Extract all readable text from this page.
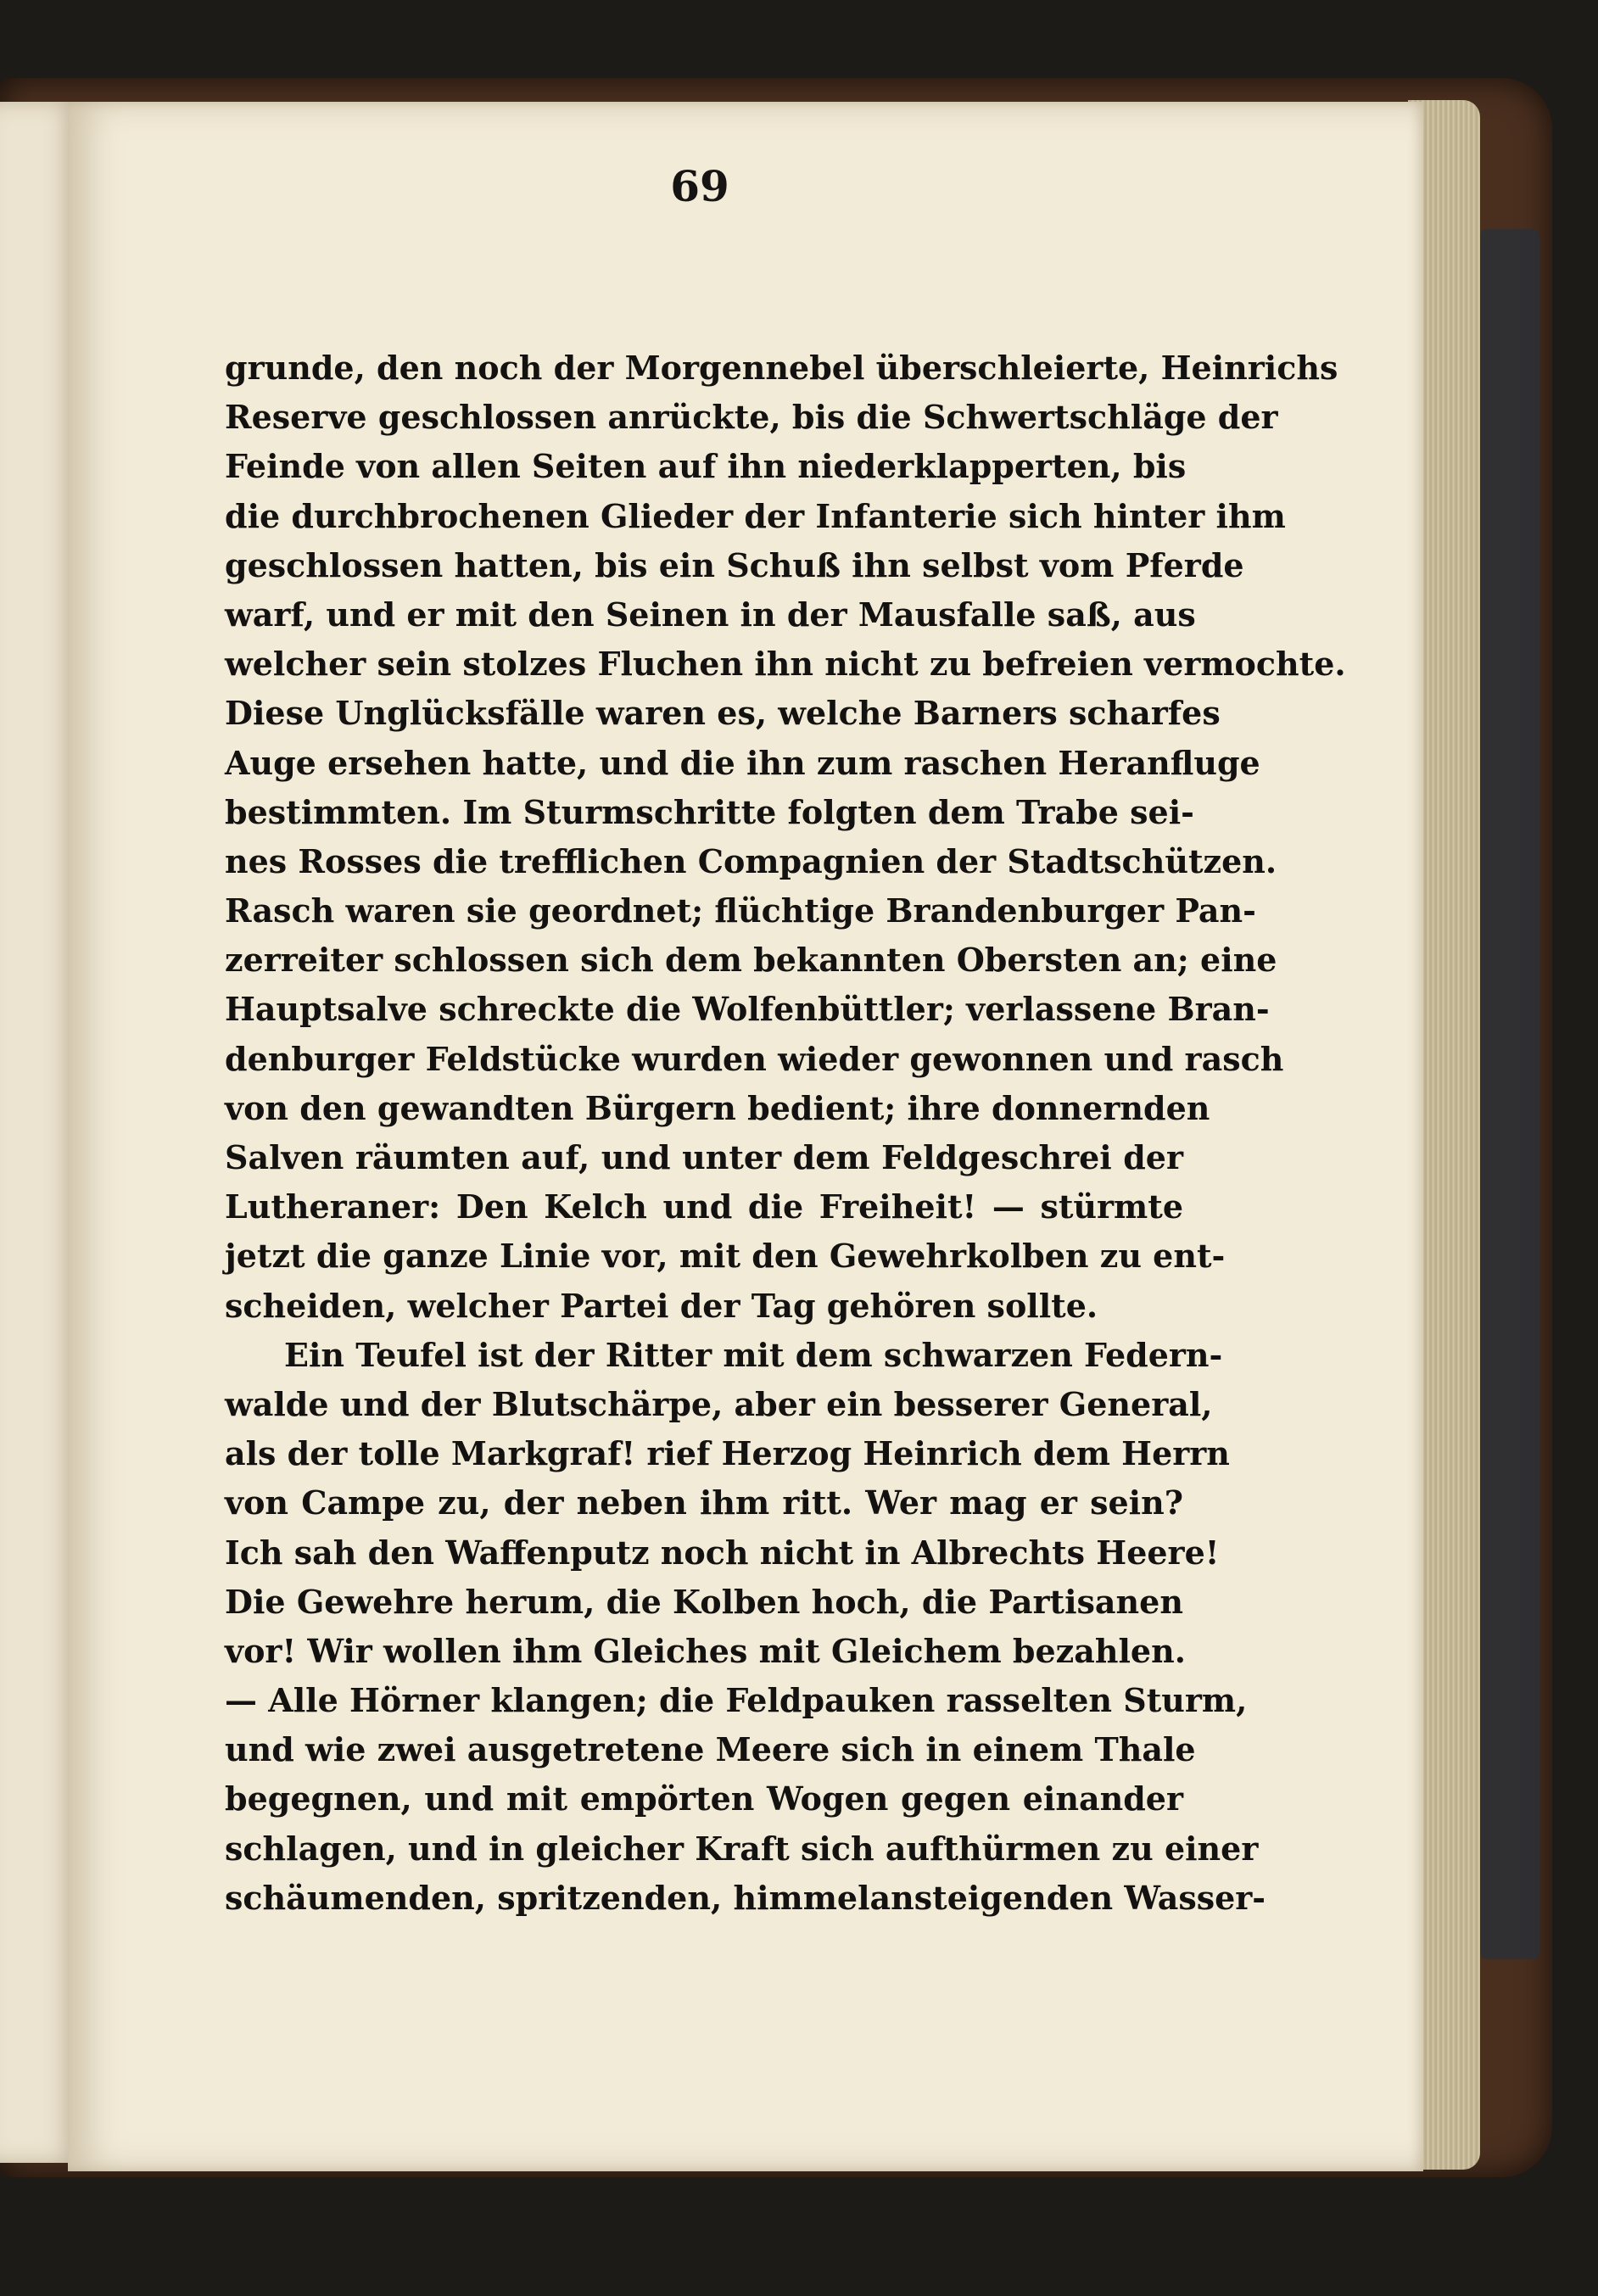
69
grunde, den noch der Morgennebel überschleierte, Heinrichs
Reserve geschlossen anrückte, bis die Schwertschläge der
Feinde von allen Seiten auf ihn niederklapperten, bis
die durchbrochenen Glieder der Infanterie sich hinter ihm
geschlossen hatten, bis ein Schuß ihn selbst vom Pferde
warf, und er mit den Seinen in der Mausfalle saß, aus
welcher sein stolzes Fluchen ihn nicht zu befreien vermochte.
Diese Unglücksfälle waren es, welche Barners scharfes
Auge ersehen hatte, und die ihn zum raschen Heranfluge
bestimmten. Im Sturmschritte folgten dem Trabe sei-
nes Rosses die trefflichen Compagnien der Stadtschützen.
Rasch waren sie geordnet; flüchtige Brandenburger Pan-
zerreiter schlossen sich dem bekannten Obersten an; eine
Hauptsalve schreckte die Wolfenbüttler; verlassene Bran-
denburger Feldstücke wurden wieder gewonnen und rasch
von den gewandten Bürgern bedient; ihre donnernden
Salven räumten auf, und unter dem Feldgeschrei der
Lutheraner: Den Kelch und die Freiheit! — stürmte
jetzt die ganze Linie vor, mit den Gewehrkolben zu ent-
scheiden, welcher Partei der Tag gehören sollte.
Ein Teufel ist der Ritter mit dem schwarzen Federn-
walde und der Blutschärpe, aber ein besserer General,
als der tolle Markgraf! rief Herzog Heinrich dem Herrn
von Campe zu, der neben ihm ritt. Wer mag er sein?
Ich sah den Waffenputz noch nicht in Albrechts Heere!
Die Gewehre herum, die Kolben hoch, die Partisanen
vor! Wir wollen ihm Gleiches mit Gleichem bezahlen.
— Alle Hörner klangen; die Feldpauken rasselten Sturm,
und wie zwei ausgetretene Meere sich in einem Thale
begegnen, und mit empörten Wogen gegen einander
schlagen, und in gleicher Kraft sich aufthürmen zu einer
schäumenden, spritzenden, himmelansteigenden Wasser-
